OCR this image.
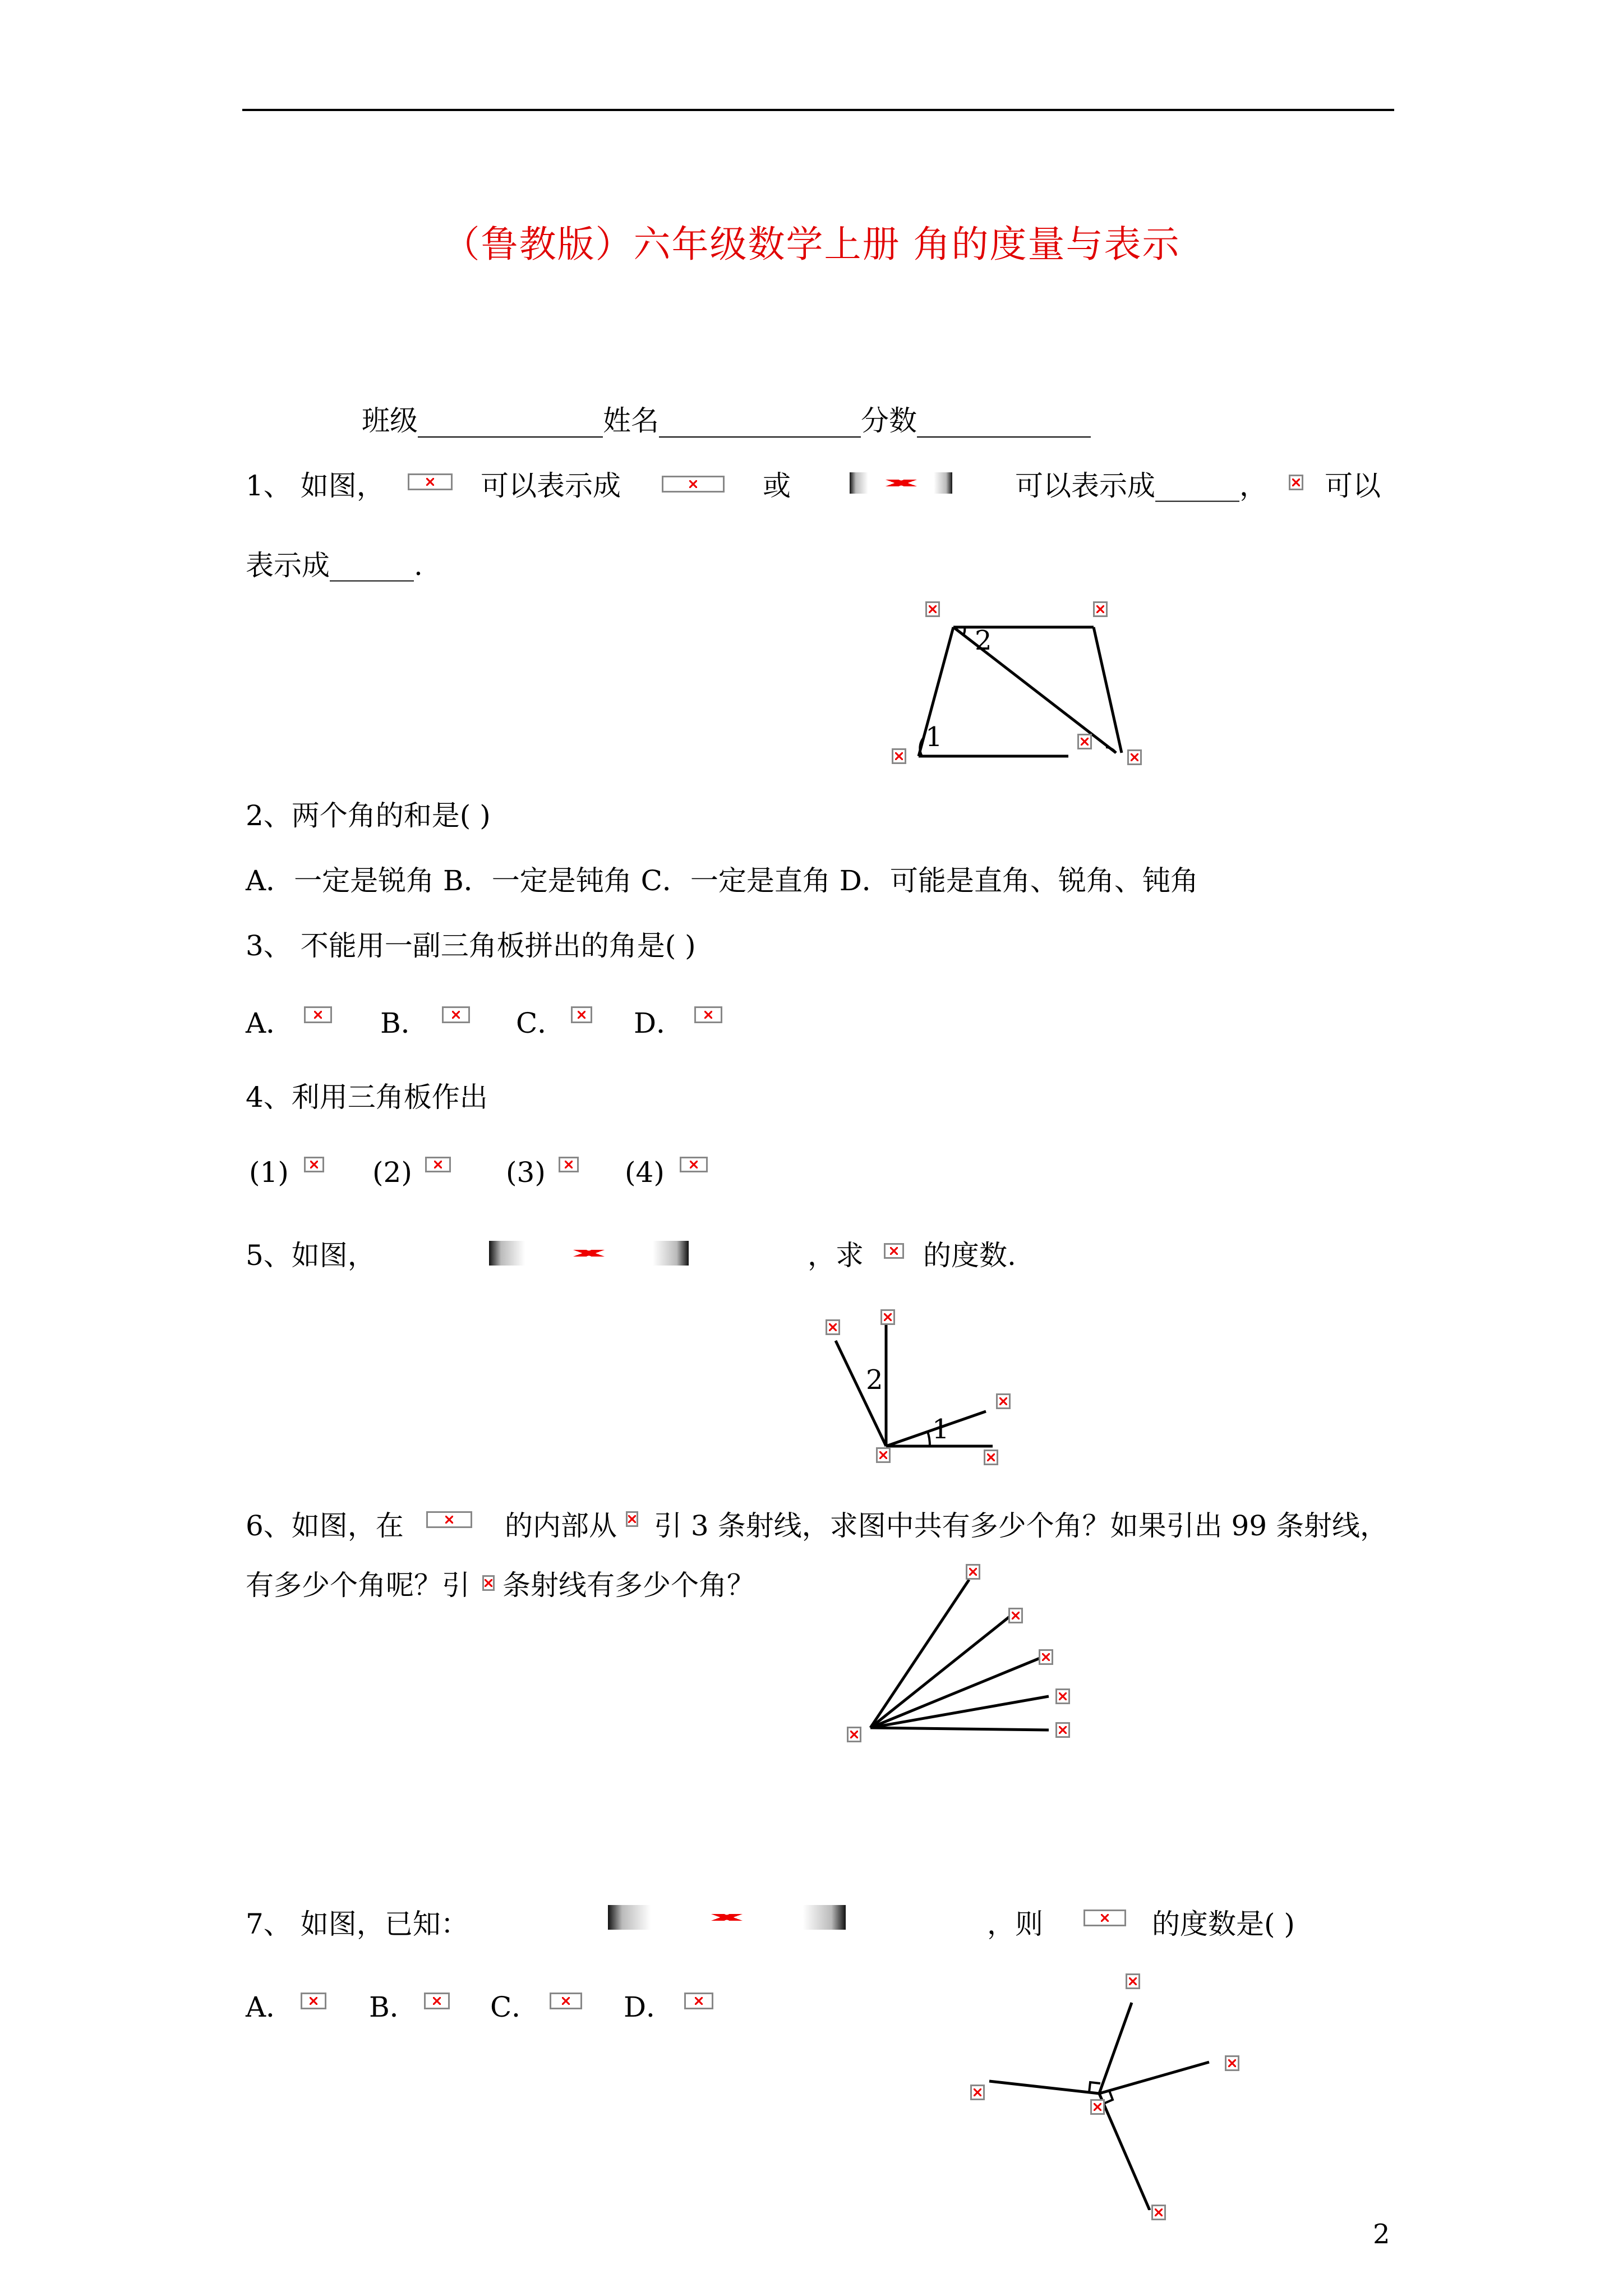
（鲁教版）六年级数学上册 角的度量与表示
班级	姓名	分数
1、 如图，	可以表示成	或	可以表示成______， 可以
表示成______.
2
1
2、两个角的和是( )
A．一定是锐角 B．一定是钝角 C．一定是直角 D．可能是直角、锐角、钝角
3、 不能用一副三角板拼出的角是( )
A．	B．	C． D．
4、利用三角板作出
(1)	(2)	(3)	(4)
5、如图，	，求 的度数.
2
1
6、如图，在	的内部从 引 3 条射线，求图中共有多少个角？如果引出 99 条射线，
有多少个角呢？引 条射线有多少个角？
7、 如图，已知：	，则	的度数是( )
A．	B．	C．	D．
2
